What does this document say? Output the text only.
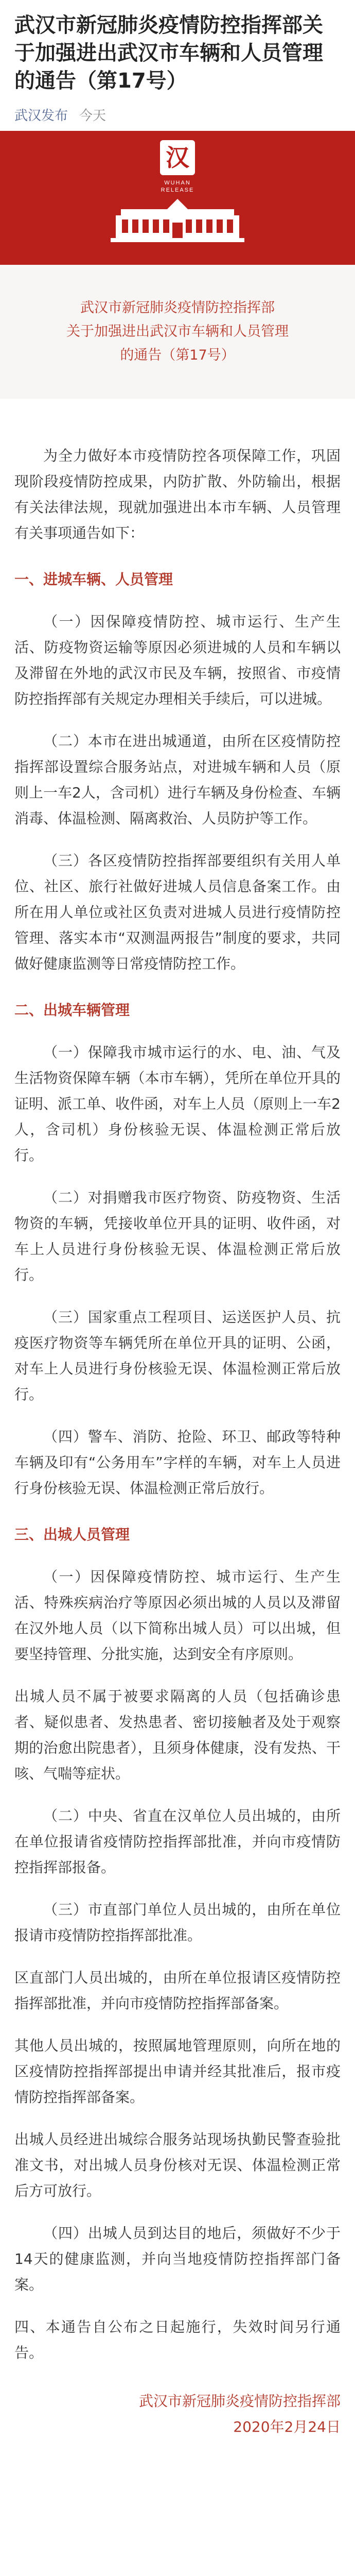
武汉市新冠肺炎疫情防控指挥部关于加强进出武汉市车辆和人员管理的通告（第17号）
武汉发布 今天
汉
WUHAN
RELEASE
武汉市新冠肺炎疫情防控指挥部
关于加强进出武汉市车辆和人员管理
的通告（第17号）

为全力做好本市疫情防控各项保障工作，巩固现阶段疫情防控成果，内防扩散、外防输出，根据有关法律法规，现就加强进出本市车辆、人员管理有关事项通告如下：

一、进城车辆、人员管理

（一）因保障疫情防控、城市运行、生产生活、防疫物资运输等原因必须进城的人员和车辆以及滞留在外地的武汉市民及车辆，按照省、市疫情防控指挥部有关规定办理相关手续后，可以进城。

（二）本市在进出城通道，由所在区疫情防控指挥部设置综合服务站点，对进城车辆和人员（原则上一车2人，含司机）进行车辆及身份检查、车辆消毒、体温检测、隔离救治、人员防护等工作。

（三）各区疫情防控指挥部要组织有关用人单位、社区、旅行社做好进城人员信息备案工作。由所在用人单位或社区负责对进城人员进行疫情防控管理、落实本市“双测温两报告”制度的要求，共同做好健康监测等日常疫情防控工作。

二、出城车辆管理

（一）保障我市城市运行的水、电、油、气及生活物资保障车辆（本市车辆），凭所在单位开具的证明、派工单、收件函，对车上人员（原则上一车2人，含司机）身份核验无误、体温检测正常后放行。

（二）对捐赠我市医疗物资、防疫物资、生活物资的车辆，凭接收单位开具的证明、收件函，对车上人员进行身份核验无误、体温检测正常后放行。

（三）国家重点工程项目、运送医护人员、抗疫医疗物资等车辆凭所在单位开具的证明、公函，对车上人员进行身份核验无误、体温检测正常后放行。

（四）警车、消防、抢险、环卫、邮政等特种车辆及印有“公务用车”字样的车辆，对车上人员进行身份核验无误、体温检测正常后放行。

三、出城人员管理

（一）因保障疫情防控、城市运行、生产生活、特殊疾病治疗等原因必须出城的人员以及滞留在汉外地人员（以下简称出城人员）可以出城，但要坚持管理、分批实施，达到安全有序原则。

出城人员不属于被要求隔离的人员（包括确诊患者、疑似患者、发热患者、密切接触者及处于观察期的治愈出院患者），且须身体健康，没有发热、干咳、气喘等症状。

（二）中央、省直在汉单位人员出城的，由所在单位报请省疫情防控指挥部批准，并向市疫情防控指挥部报备。

（三）市直部门单位人员出城的，由所在单位报请市疫情防控指挥部批准。

区直部门人员出城的，由所在单位报请区疫情防控指挥部批准，并向市疫情防控指挥部备案。

其他人员出城的，按照属地管理原则，向所在地的区疫情防控指挥部提出申请并经其批准后，报市疫情防控指挥部备案。

出城人员经进出城综合服务站现场执勤民警查验批准文书，对出城人员身份核对无误、体温检测正常后方可放行。

（四）出城人员到达目的地后，须做好不少于14天的健康监测，并向当地疫情防控指挥部门备案。

四、本通告自公布之日起施行，失效时间另行通告。

武汉市新冠肺炎疫情防控指挥部
2020年2月24日
